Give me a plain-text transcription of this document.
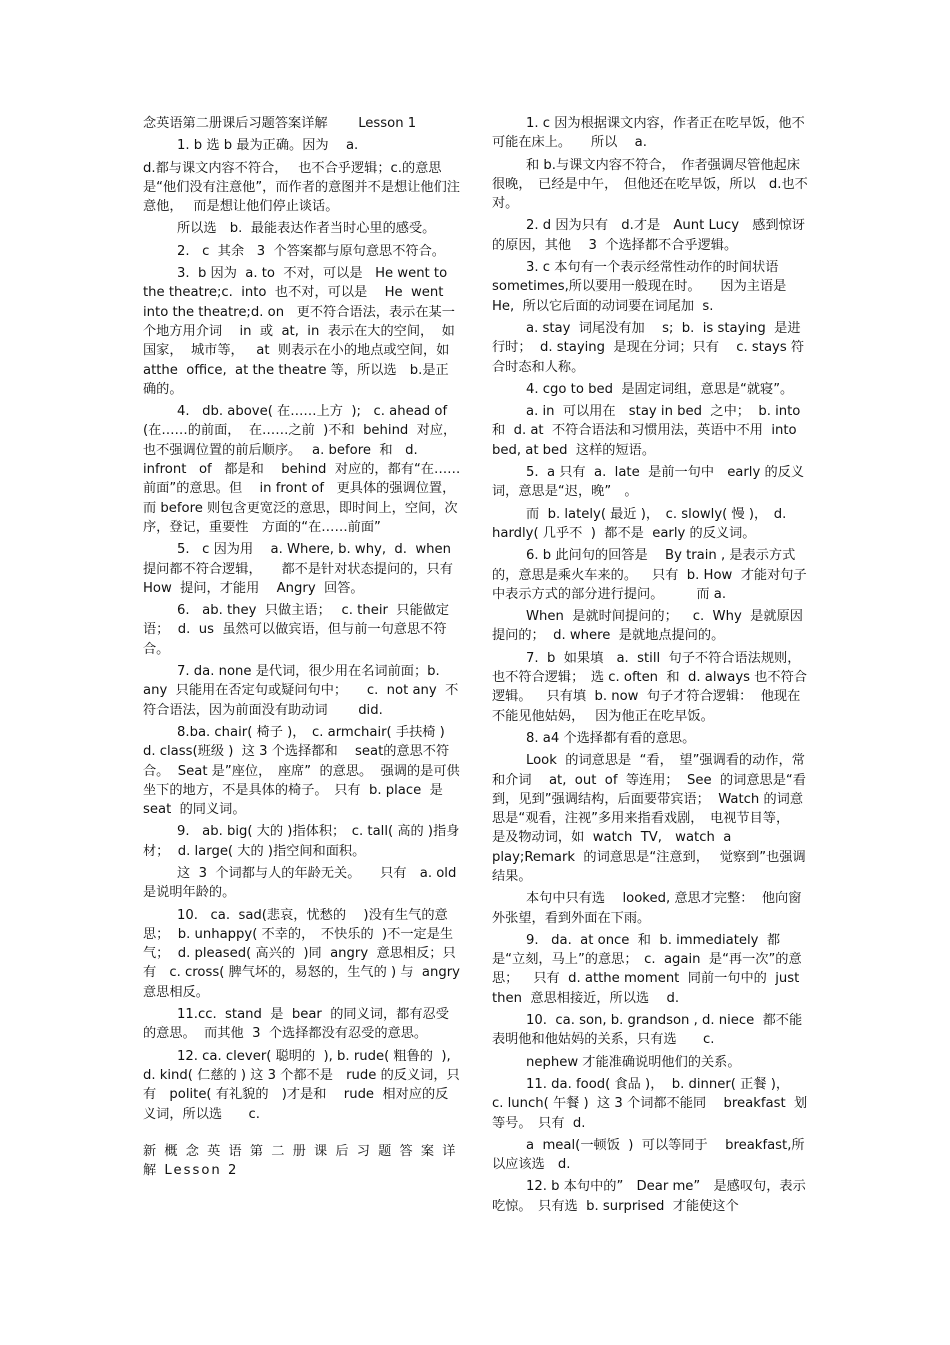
念英语第二册课后习题答案详解　　 Lesson 1

1. b 选 b 最为正确。因为　 a.

d.都与课文内容不符合，　 也不合乎逻辑；c.的意思是“他们没有注意他”，而作者的意图并不是想让他们注意他，　 而是想让他们停止谈话。

所以选　b.  最能表达作者当时心里的感受。

2.   c  其余   3  个答案都与原句意思不符合。

3.  b 因为  a. to  不对，可以是   He went to the theatre;c.  into  也不对，可以是　 He  went into the theatre;d. on   更不符合语法，表示在某一个地方用介词　 in  或  at,  in  表示在大的空间，  如国家，  城市等，   at  则表示在小的地点或空间，如　atthe  office,  at the theatre 等，所以选　b.是正确的。

4.   db. above( 在……上方  );   c. ahead of (在……的前面，  在……之前  )不和  behind  对应，也不强调位置的前后顺序。　 a. before  和   d.  infront   of   都是和　 behind  对应的，都有“在……前面”的意思。但　 in front of   更具体的强调位置，　而 before 则包含更宽泛的意思，即时间上，空间，次序，登记，重要性　方面的“在……前面”

5.   c 因为用　 a. Where, b. why,  d.  when 提问都不符合逻辑，　　都不是针对状态提问的，只有　How  提问，才能用　 Angry  回答。

6.   ab. they  只做主语；　 c. their  只能做定语；  d.  us  虽然可以做宾语，但与前一句意思不符合。

7. da. none 是代词，很少用在名词前面；b.  any  只能用在否定句或疑问句中；　　c.  not any  不符合语法，因为前面没有助动词　　 did.

8.ba. chair( 椅子 )，　c. armchair( 手扶椅 )  d. class(班级 )  这 3 个选择都和　 seat的意思不符合。  Seat 是”座位，　座席”  的意思。  强调的是可供坐下的地方，不是具体的椅子。　只有  b. place  是  seat  的同义词。

9.   ab. big( 大的 )指体积；　c. tall( 高的 )指身材；  d. large( 大的 )指空间和面积。

这  3  个词都与人的年龄无关。　　只有　a. old  是说明年龄的。

10.   ca.  sad(悲哀，忧愁的　 )没有生气的意思；  b. unhappy( 不幸的，　不快乐的  )不一定是生气；  d. pleased( 高兴的  )同  angry  意思相反；只有　c. cross( 脾气坏的，易怒的，生气的 ) 与  angry  意思相反。

11.cc.  stand  是  bear  的同义词，都有忍受的意思。  而其他  3  个选择都没有忍受的意思。

12. ca. clever( 聪明的  ), b. rude( 粗鲁的  ), d. kind( 仁慈的 ) 这 3 个都不是　rude 的反义词，只有　polite( 有礼貌的　)才是和　 rude  相对应的反义词，所以选　　c.

新 概 念 英 语 第 二 册 课 后 习 题 答 案 详 解 Lesson 2

1. c 因为根据课文内容，作者正在吃早饭，他不可能在床上。　　所以　 a.

和 b.与课文内容不符合，　作者强调尽管他起床很晚，　已经是中午，　但他还在吃早饭，所以　d.也不对。

2. d 因为只有　d.才是　Aunt Lucy　感到惊讶的原因，其他　 3  个选择都不合乎逻辑。

3. c 本句有一个表示经常性动作的时间状语　sometimes,所以要用一般现在时。　　因为主语是　He,  所以它后面的动词要在词尾加  s.

a. stay  词尾没有加　 s;  b.  is staying  是进行时；  d. staying  是现在分词；只有　 c. stays 符合时态和人称。

4. cgo to bed  是固定词组，意思是“就寝”。

a. in  可以用在　stay in bed  之中；  b. into 和  d. at  不符合语法和习惯用法，英语中不用  into bed, at bed  这样的短语。

5.  a 只有  a.  late  是前一句中　early 的反义词，意思是“迟，晚”　。

而  b. lately( 最近 )，　c. slowly( 慢 )，　d. hardly( 几乎不  )  都不是  early 的反义词。

6. b 此问句的回答是　 By train , 是表示方式的，意思是乘火车来的。　  只有  b. How  才能对句子中表示方式的部分进行提问。　　　而 a.

When  是就时间提问的；　  c.  Why  是就原因提问的；  d. where  是就地点提问的。

7.  b  如果填　a.  still  句子不符合语法规则，也不符合逻辑；　选 c. often  和  d. always 也不符合逻辑。　  只有填  b. now  句子才符合逻辑：  他现在不能见他姑妈，　 因为他正在吃早饭。

8. a4 个选择都有看的意思。

Look  的词意思是  “看，　望”强调看的动作，常和介词　 at,  out  of  等连用；  See  的词意思是“看到，见到”强调结构，后面要带宾语；  Watch 的词意思是“观看，注视”多用来指看戏剧，　电视节目等，　是及物动词，如  watch  TV,　watch  a play;Remark  的词意思是“注意到，　 觉察到”也强调结果。

本句中只有选　 looked, 意思才完整：  他向窗外张望，看到外面在下雨。

9.   da.  at once  和  b. immediately  都是“立刻，马上”的意思；　c.  again  是“再一次”的意思；　  只有  d. atthe moment  同前一句中的  just then  意思相接近，所以选　 d.

10.  ca. son, b. grandson , d. niece  都不能表明他和他姑妈的关系，只有选　　c.

nephew 才能准确说明他们的关系。

11. da. food( 食品 )，  b. dinner( 正餐 )，  c. lunch( 午餐 )  这 3 个词都不能同　 breakfast  划等号。　只有  d.

a  meal(一顿饭  )  可以等同于　 breakfast,所以应该选　d.

12. b 本句中的”　Dear me”　是感叹句，表示吃惊。　只有选  b. surprised  才能使这个
